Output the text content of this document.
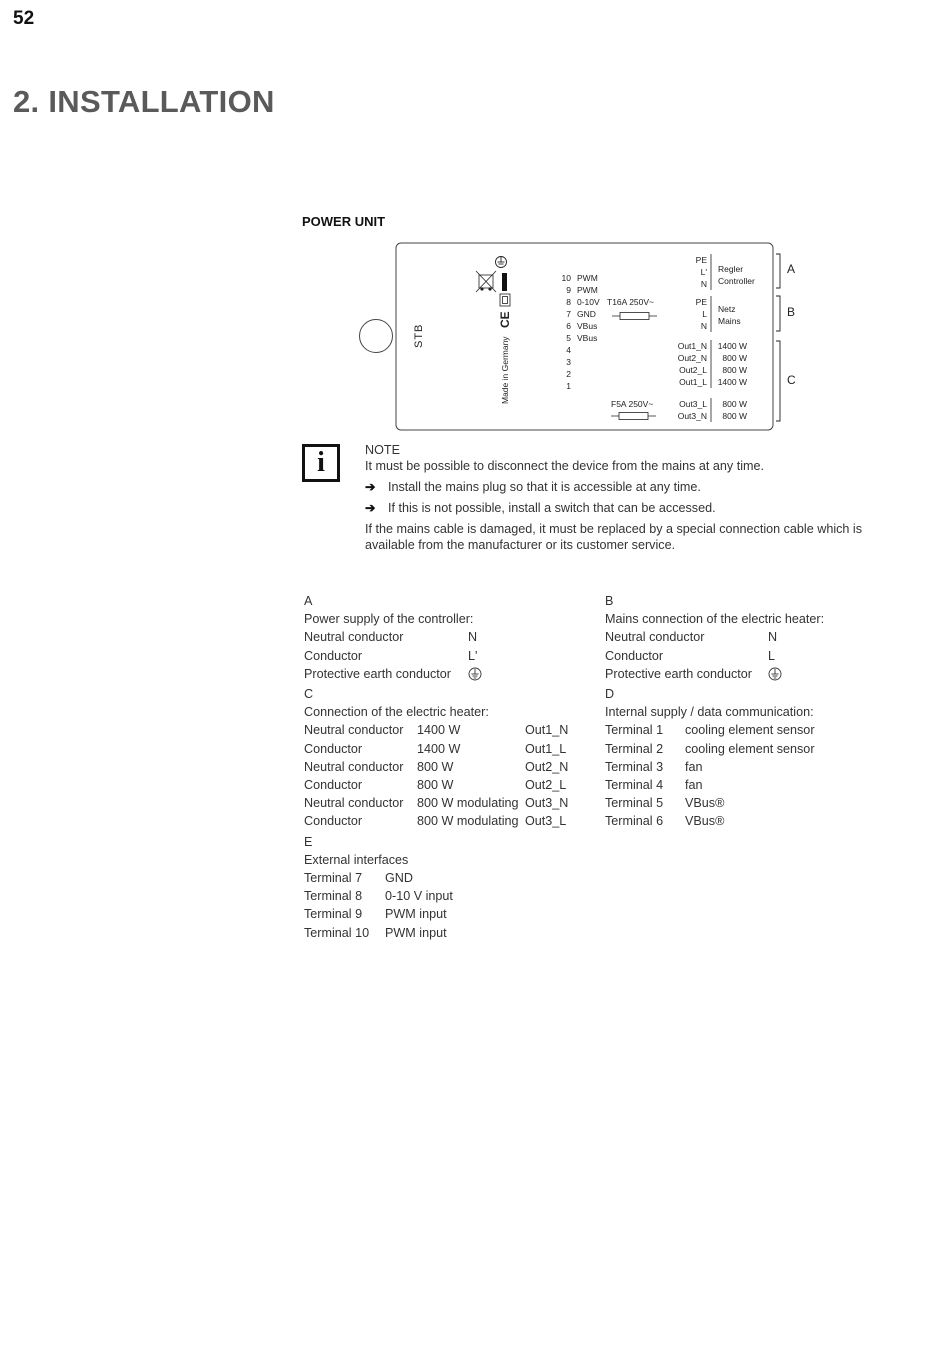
52
2. INSTALLATION
POWER UNIT
STB
CE
Made in Germany
10 PWM
9 PWM
8 0-10V
7 GND
6 VBus
5 VBus
4
3
2
1
T16A 250V~
F5A 250V~
PE
L'
N
Regler
Controller
PE
L
N
Netz
Mains
Out1_N 1400 W
Out2_N 800 W
Out2_L 800 W
Out1_L 1400 W
Out3_L 800 W
Out3_N 800 W
A
B
C
i	NOTE

It must be possible to disconnect the device from the mains at any time.

➔ Install the mains plug so that it is accessible at any time.
➔ If this is not possible, install a switch that can be accessed.

If the mains cable is damaged, it must be replaced by a special connection cable which is available from the manufacturer or its customer service.

A
Power supply of the controller:
Neutral conductor	N
Conductor	L'
Protective earth conductor	
C
Connection of the electric heater:
Neutral conductor	1400 W	Out1_N
Conductor	1400 W	Out1_L
Neutral conductor	800 W	Out2_N
Conductor	800 W	Out2_L
Neutral conductor	800 W modulating	Out3_N
Conductor	800 W modulating	Out3_L
E
External interfaces
Terminal 7	GND
Terminal 8	0-10 V input
Terminal 9	PWM input
Terminal 10	PWM input
B
Mains connection of the electric heater:
Neutral conductor	N
Conductor	L
Protective earth conductor	
D
Internal supply / data communication:
Terminal 1	cooling element sensor
Terminal 2	cooling element sensor
Terminal 3	fan
Terminal 4	fan
Terminal 5	VBus®
Terminal 6	VBus®
